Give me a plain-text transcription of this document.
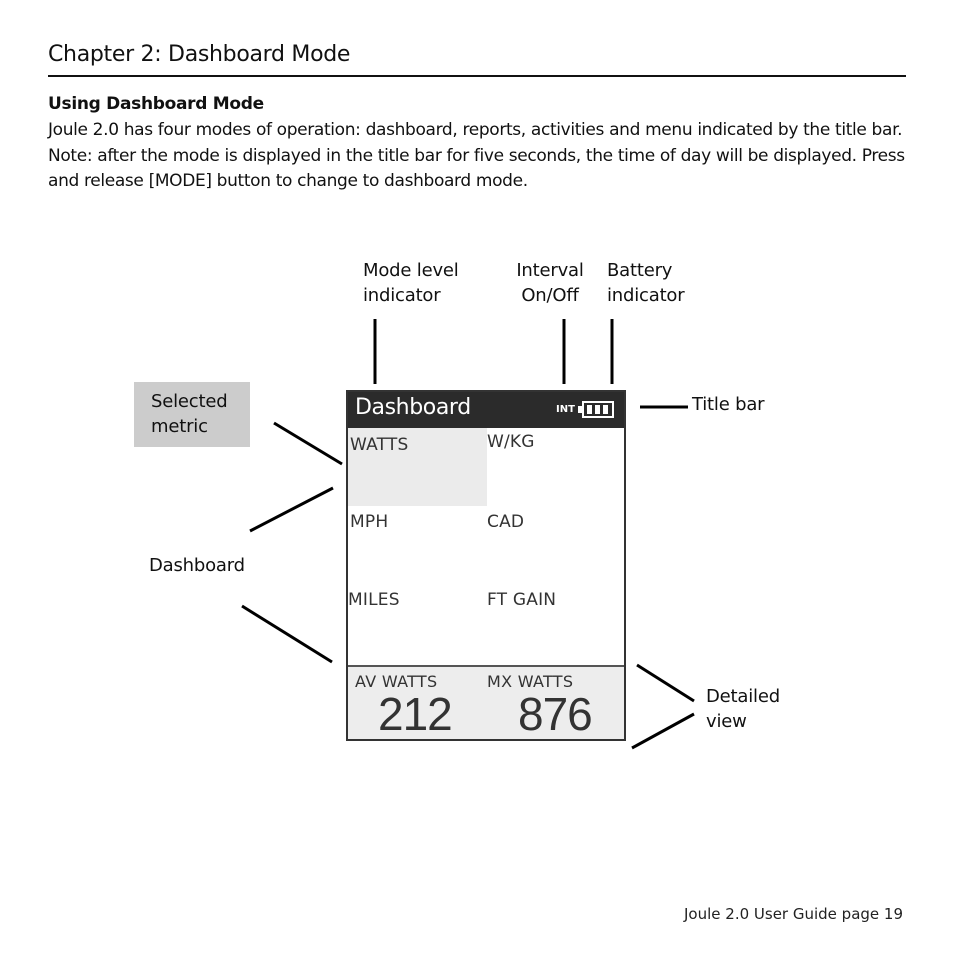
Chapter 2: Dashboard Mode
Using Dashboard Mode
Joule 2.0 has four modes of operation: dashboard, reports, activities and menu indicated by the title bar. Note: after the mode is displayed in the title bar for five seconds, the time of day will be displayed. Press and release [MODE] button to change to dashboard mode.
Mode level
indicator
Interval
On/Off
Battery
indicator
Title bar
Detailed
view
Dashboard
Selected
metric
Dashboard	INT
WATTS	W/KG
MPH	CAD
MILES	FT GAIN
AV WATTS	MX WATTS
212 876
Joule 2.0 User Guide page 19
